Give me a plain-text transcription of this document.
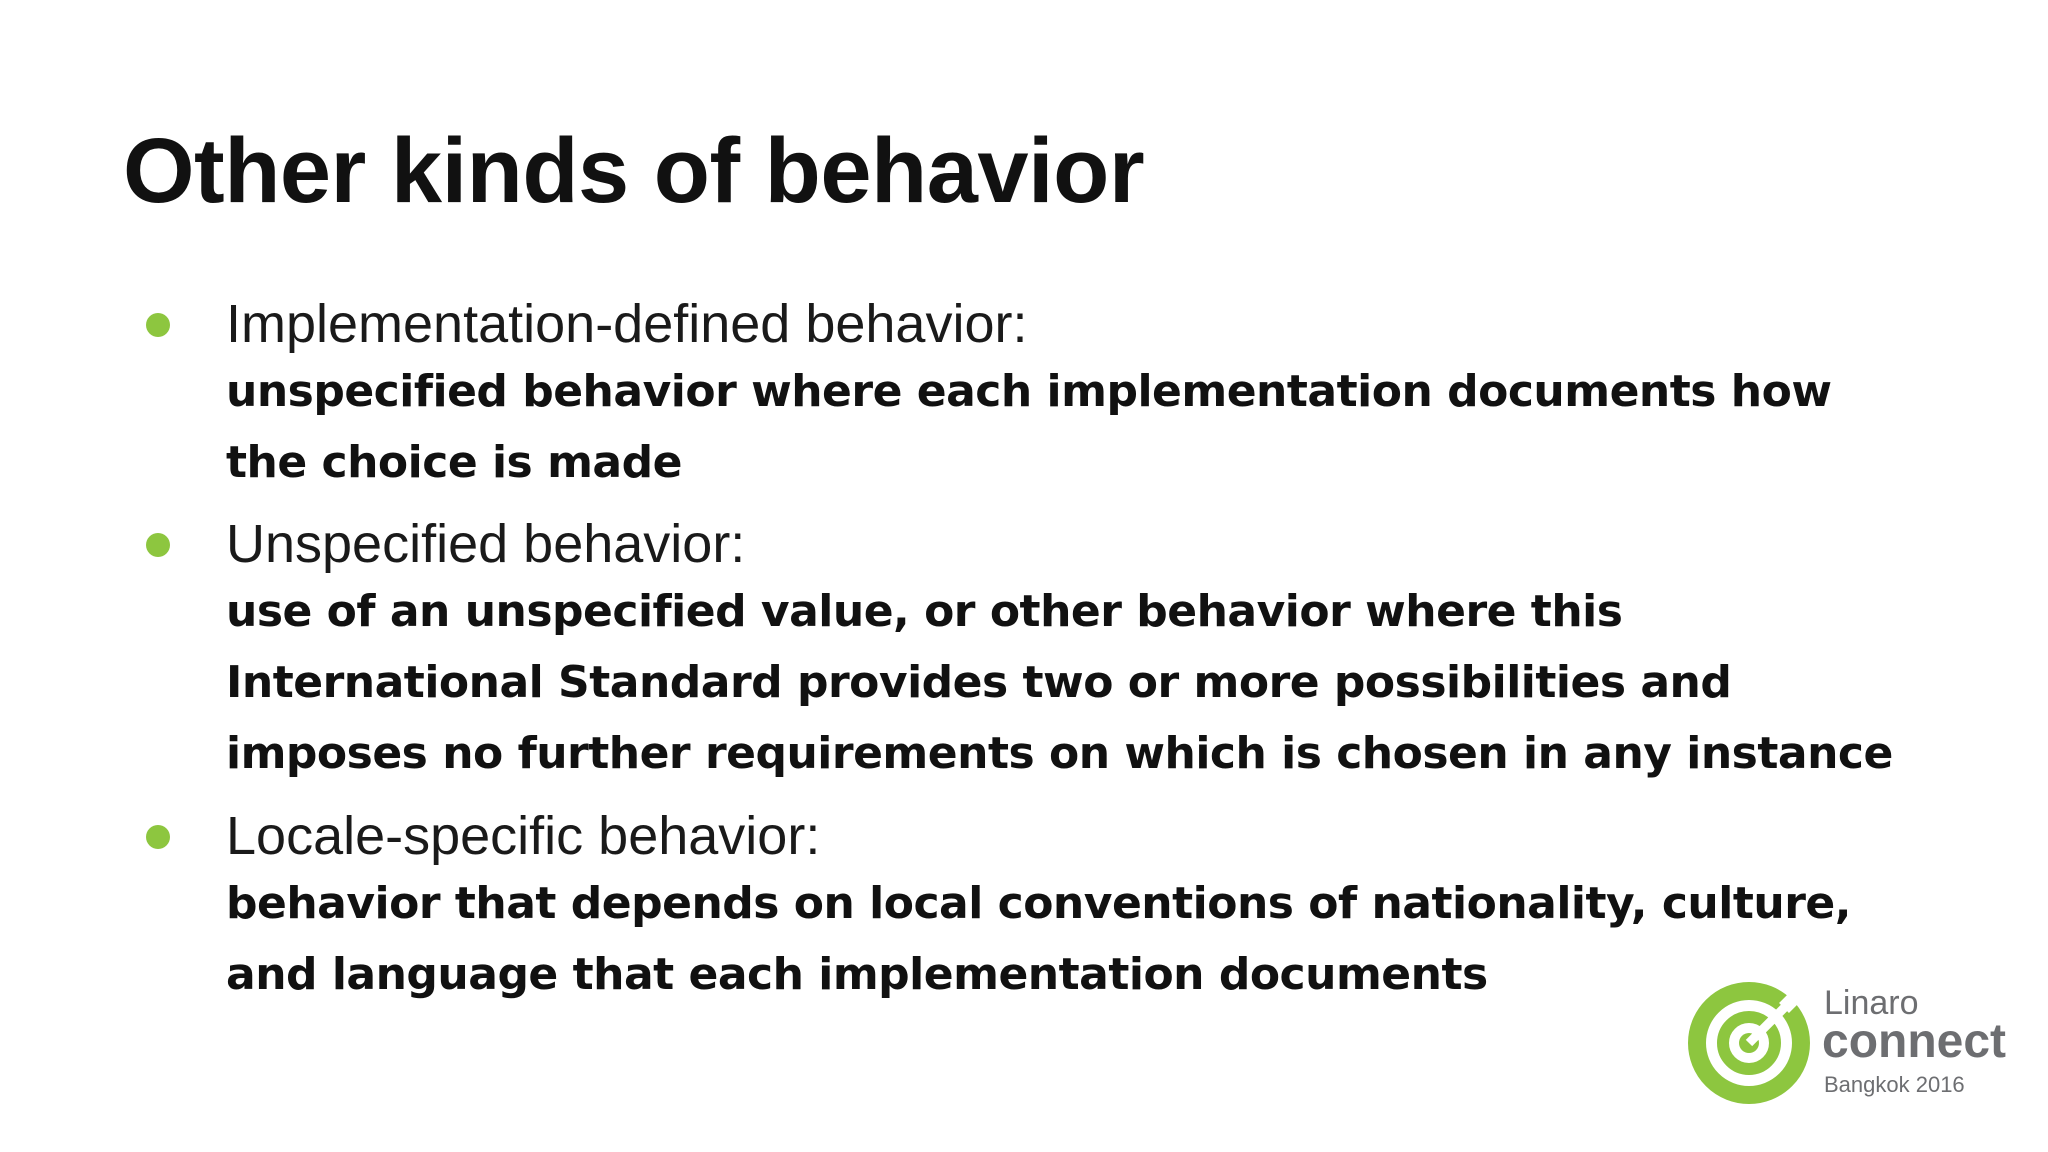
Other kinds of behavior
Implementation-defined behavior:
unspecified behavior where each implementation documents how the choice is made
Unspecified behavior:
use of an unspecified value, or other behavior where this International Standard provides two or more possibilities and imposes no further requirements on which is chosen in any instance
Locale-specific behavior:
behavior that depends on local conventions of nationality, culture, and language that each implementation documents
Linaro
connect
Bangkok 2016
